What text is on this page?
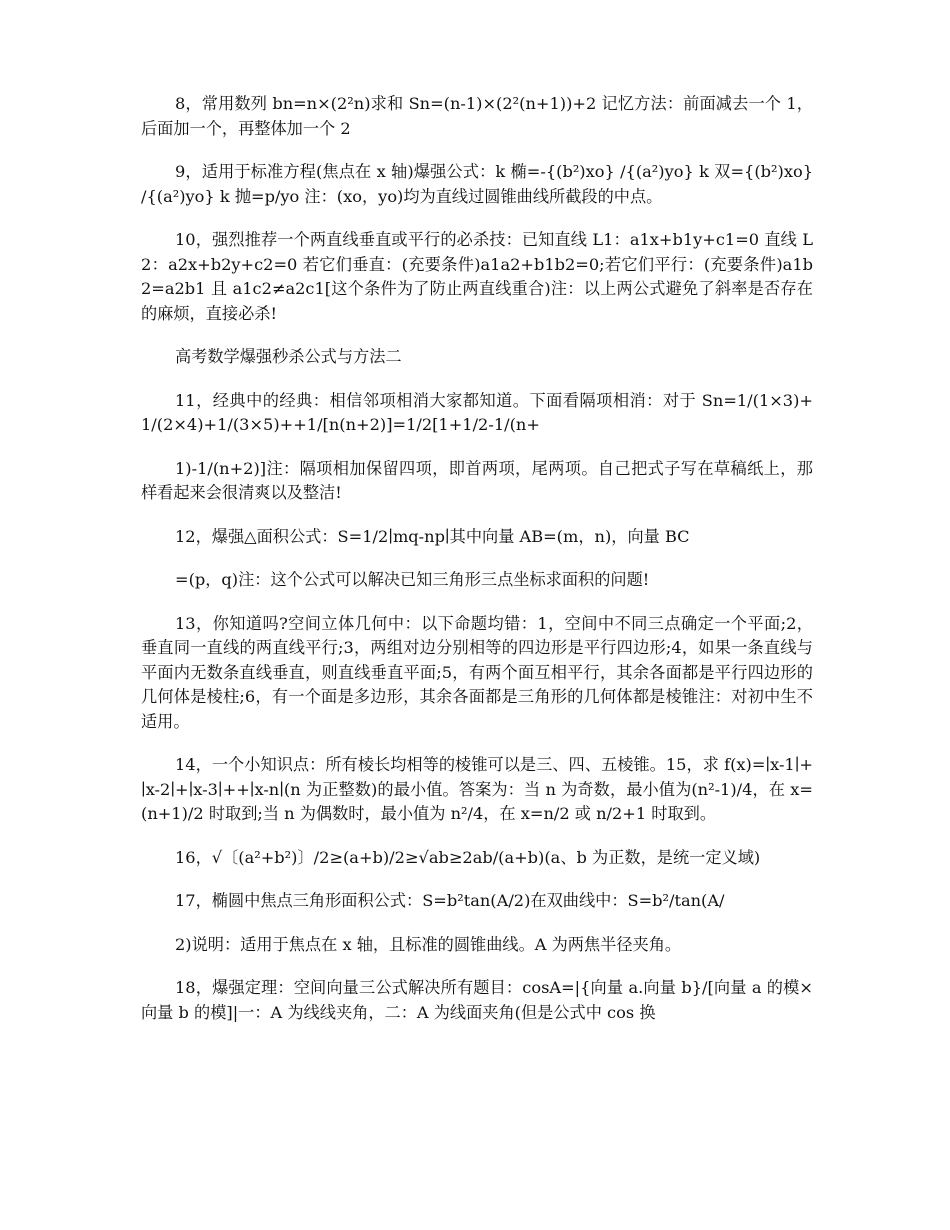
8，常用数列 bn=n×(2²n)求和 Sn=(n-1)×(2²(n+1))+2 记忆方法：前面减去一个 1，后面加一个，再整体加一个 2

9，适用于标准方程(焦点在 x 轴)爆强公式：k 椭=-{(b²)xo} /{(a²)yo} k 双={(b²)xo} /{(a²)yo} k 抛=p/yo 注：(xo，yo)均为直线过圆锥曲线所截段的中点。

10，强烈推荐一个两直线垂直或平行的必杀技：已知直线 L1：a1x+b1y+c1=0 直线 L2：a2x+b2y+c2=0 若它们垂直：(充要条件)a1a2+b1b2=0;若它们平行：(充要条件)a1b2=a2b1 且 a1c2≠a2c1[这个条件为了防止两直线重合)注：以上两公式避免了斜率是否存在的麻烦，直接必杀!

高考数学爆强秒杀公式与方法二

11，经典中的经典：相信邻项相消大家都知道。下面看隔项相消：对于 Sn=1/(1×3)+1/(2×4)+1/(3×5)++1/[n(n+2)]=1/2[1+1/2-1/(n+

1)-1/(n+2)]注：隔项相加保留四项，即首两项，尾两项。自己把式子写在草稿纸上，那样看起来会很清爽以及整洁!

12，爆强△面积公式：S=1/2∣mq-np∣其中向量 AB=(m，n)，向量 BC

=(p，q)注：这个公式可以解决已知三角形三点坐标求面积的问题!

13，你知道吗?空间立体几何中：以下命题均错：1，空间中不同三点确定一个平面;2，垂直同一直线的两直线平行;3，两组对边分别相等的四边形是平行四边形;4，如果一条直线与平面内无数条直线垂直，则直线垂直平面;5，有两个面互相平行，其余各面都是平行四边形的几何体是棱柱;6，有一个面是多边形，其余各面都是三角形的几何体都是棱锥注：对初中生不适用。

14，一个小知识点：所有棱长均相等的棱锥可以是三、四、五棱锥。15，求 f(x)=∣x-1∣+∣x-2∣+∣x-3∣++∣x-n∣(n 为正整数)的最小值。答案为：当 n 为奇数，最小值为(n²-1)/4，在 x=(n+1)/2 时取到;当 n 为偶数时，最小值为 n²/4，在 x=n/2 或 n/2+1 时取到。

16，√〔(a²+b²)〕/2≥(a+b)/2≥√ab≥2ab/(a+b)(a、b 为正数，是统一定义域)

17，椭圆中焦点三角形面积公式：S=b²tan(A/2)在双曲线中：S=b²/tan(A/

2)说明：适用于焦点在 x 轴，且标准的圆锥曲线。A 为两焦半径夹角。

18，爆强定理：空间向量三公式解决所有题目：cosA=|{向量 a.向量 b}/[向量 a 的模×向量 b 的模]|一：A 为线线夹角，二：A 为线面夹角(但是公式中 cos 换
